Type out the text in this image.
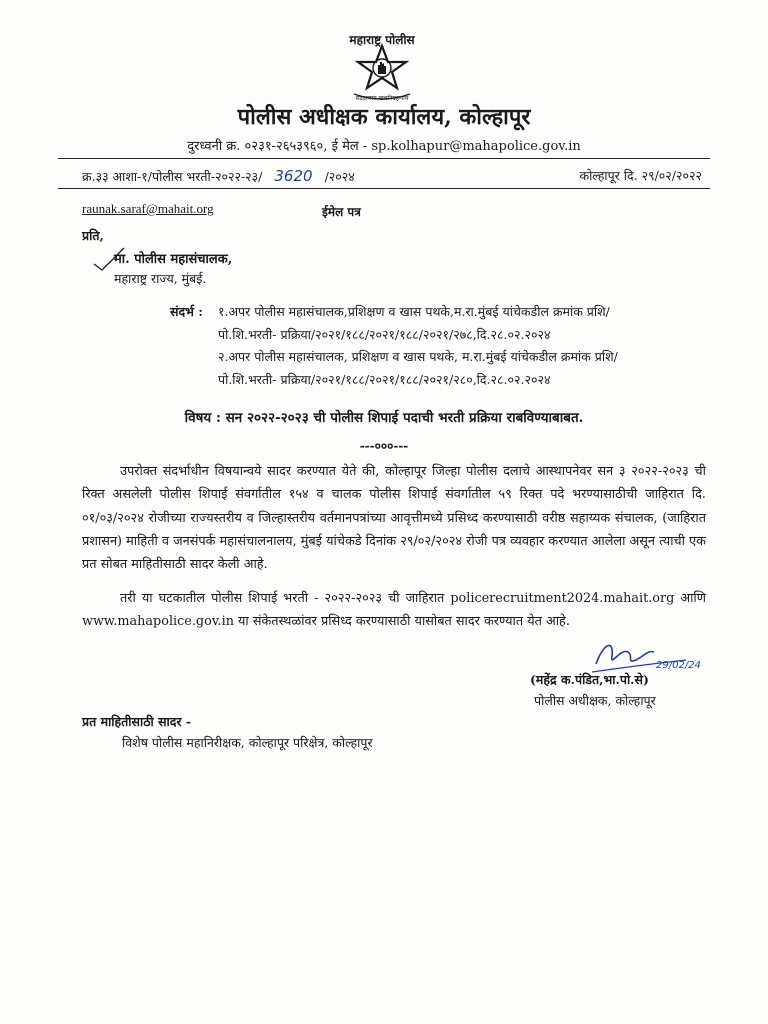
महाराष्ट्र पोलीस
सद्रक्षणाय खलनिग्रहणाय
पोलीस अधीक्षक कार्यालय, कोल्हापूर
दुरध्वनी क्र. ०२३१-२६५३९६०, ई मेल - sp.kolhapur@mahapolice.gov.in
क्र.३३ आशा-१/पोलीस भरती-२०२२-२३/ 3620 /२०२४	कोल्हापूर दि. २९/०२/२०२२
raunak.saraf@mahait.org	ईमेल पत्र
प्रति,
मा. पोलीस महासंचालक,
महाराष्ट्र राज्य, मुंबई.
संदर्भ : १.अपर पोलीस महासंचालक,प्रशिक्षण व खास पथके,म.रा.मुंबई यांचेकडील क्रमांक प्रशि/
पो.शि.भरती- प्रक्रिया/२०२१/१८८/२०२१/१८८/२०२१/२७८,दि.२८.०२.२०२४
२.अपर पोलीस महासंचालक, प्रशिक्षण व खास पथके, म.रा.मुंबई यांचेकडील क्रमांक प्रशि/
पो.शि.भरती- प्रक्रिया/२०२१/१८८/२०२१/१८८/२०२१/२८०,दि.२८.०२.२०२४
विषय : सन २०२२-२०२३ ची पोलीस शिपाई पदाची भरती प्रक्रिया राबविण्याबाबत.
---०००---
उपरोक्त संदर्भाधीन विषयान्वये सादर करण्यात येते की, कोल्हापूर जिल्हा पोलीस दलाचे आस्थापनेवर सन ३ २०२२-२०२३ ची रिक्त असलेली पोलीस शिपाई संवर्गातील १५४ व चालक पोलीस शिपाई संवर्गातील ५९ रिक्त पदे भरण्यासाठीची जाहिरात दि. ०१/०३/२०२४ रोजीच्या राज्यस्तरीय व जिल्हास्तरीय वर्तमानपत्रांच्या आवृत्तीमध्ये प्रसिध्द करण्यासाठी वरीष्ठ सहाय्यक संचालक, (जाहिरात प्रशासन) माहिती व जनसंपर्क महासंचालनालय, मुंबई यांचेकडे दिनांक २९/०२/२०२४ रोजी पत्र व्यवहार करण्यात आलेला असून त्याची एक प्रत सोबत माहितीसाठी सादर केली आहे.
तरी या घटकातील पोलीस शिपाई भरती - २०२२-२०२३ ची जाहिरात policerecruitment2024.mahait.org आणि www.mahapolice.gov.in या संकेतस्थळांवर प्रसिध्द करण्यासाठी यासोबत सादर करण्यात येत आहे.
29/02/24
(महेंद्र क.पंडित,भा.पो.से)
पोलीस अधीक्षक, कोल्हापूर
प्रत माहितीसाठी सादर -
विशेष पोलीस महानिरीक्षक, कोल्हापूर परिक्षेत्र, कोल्हापूर
